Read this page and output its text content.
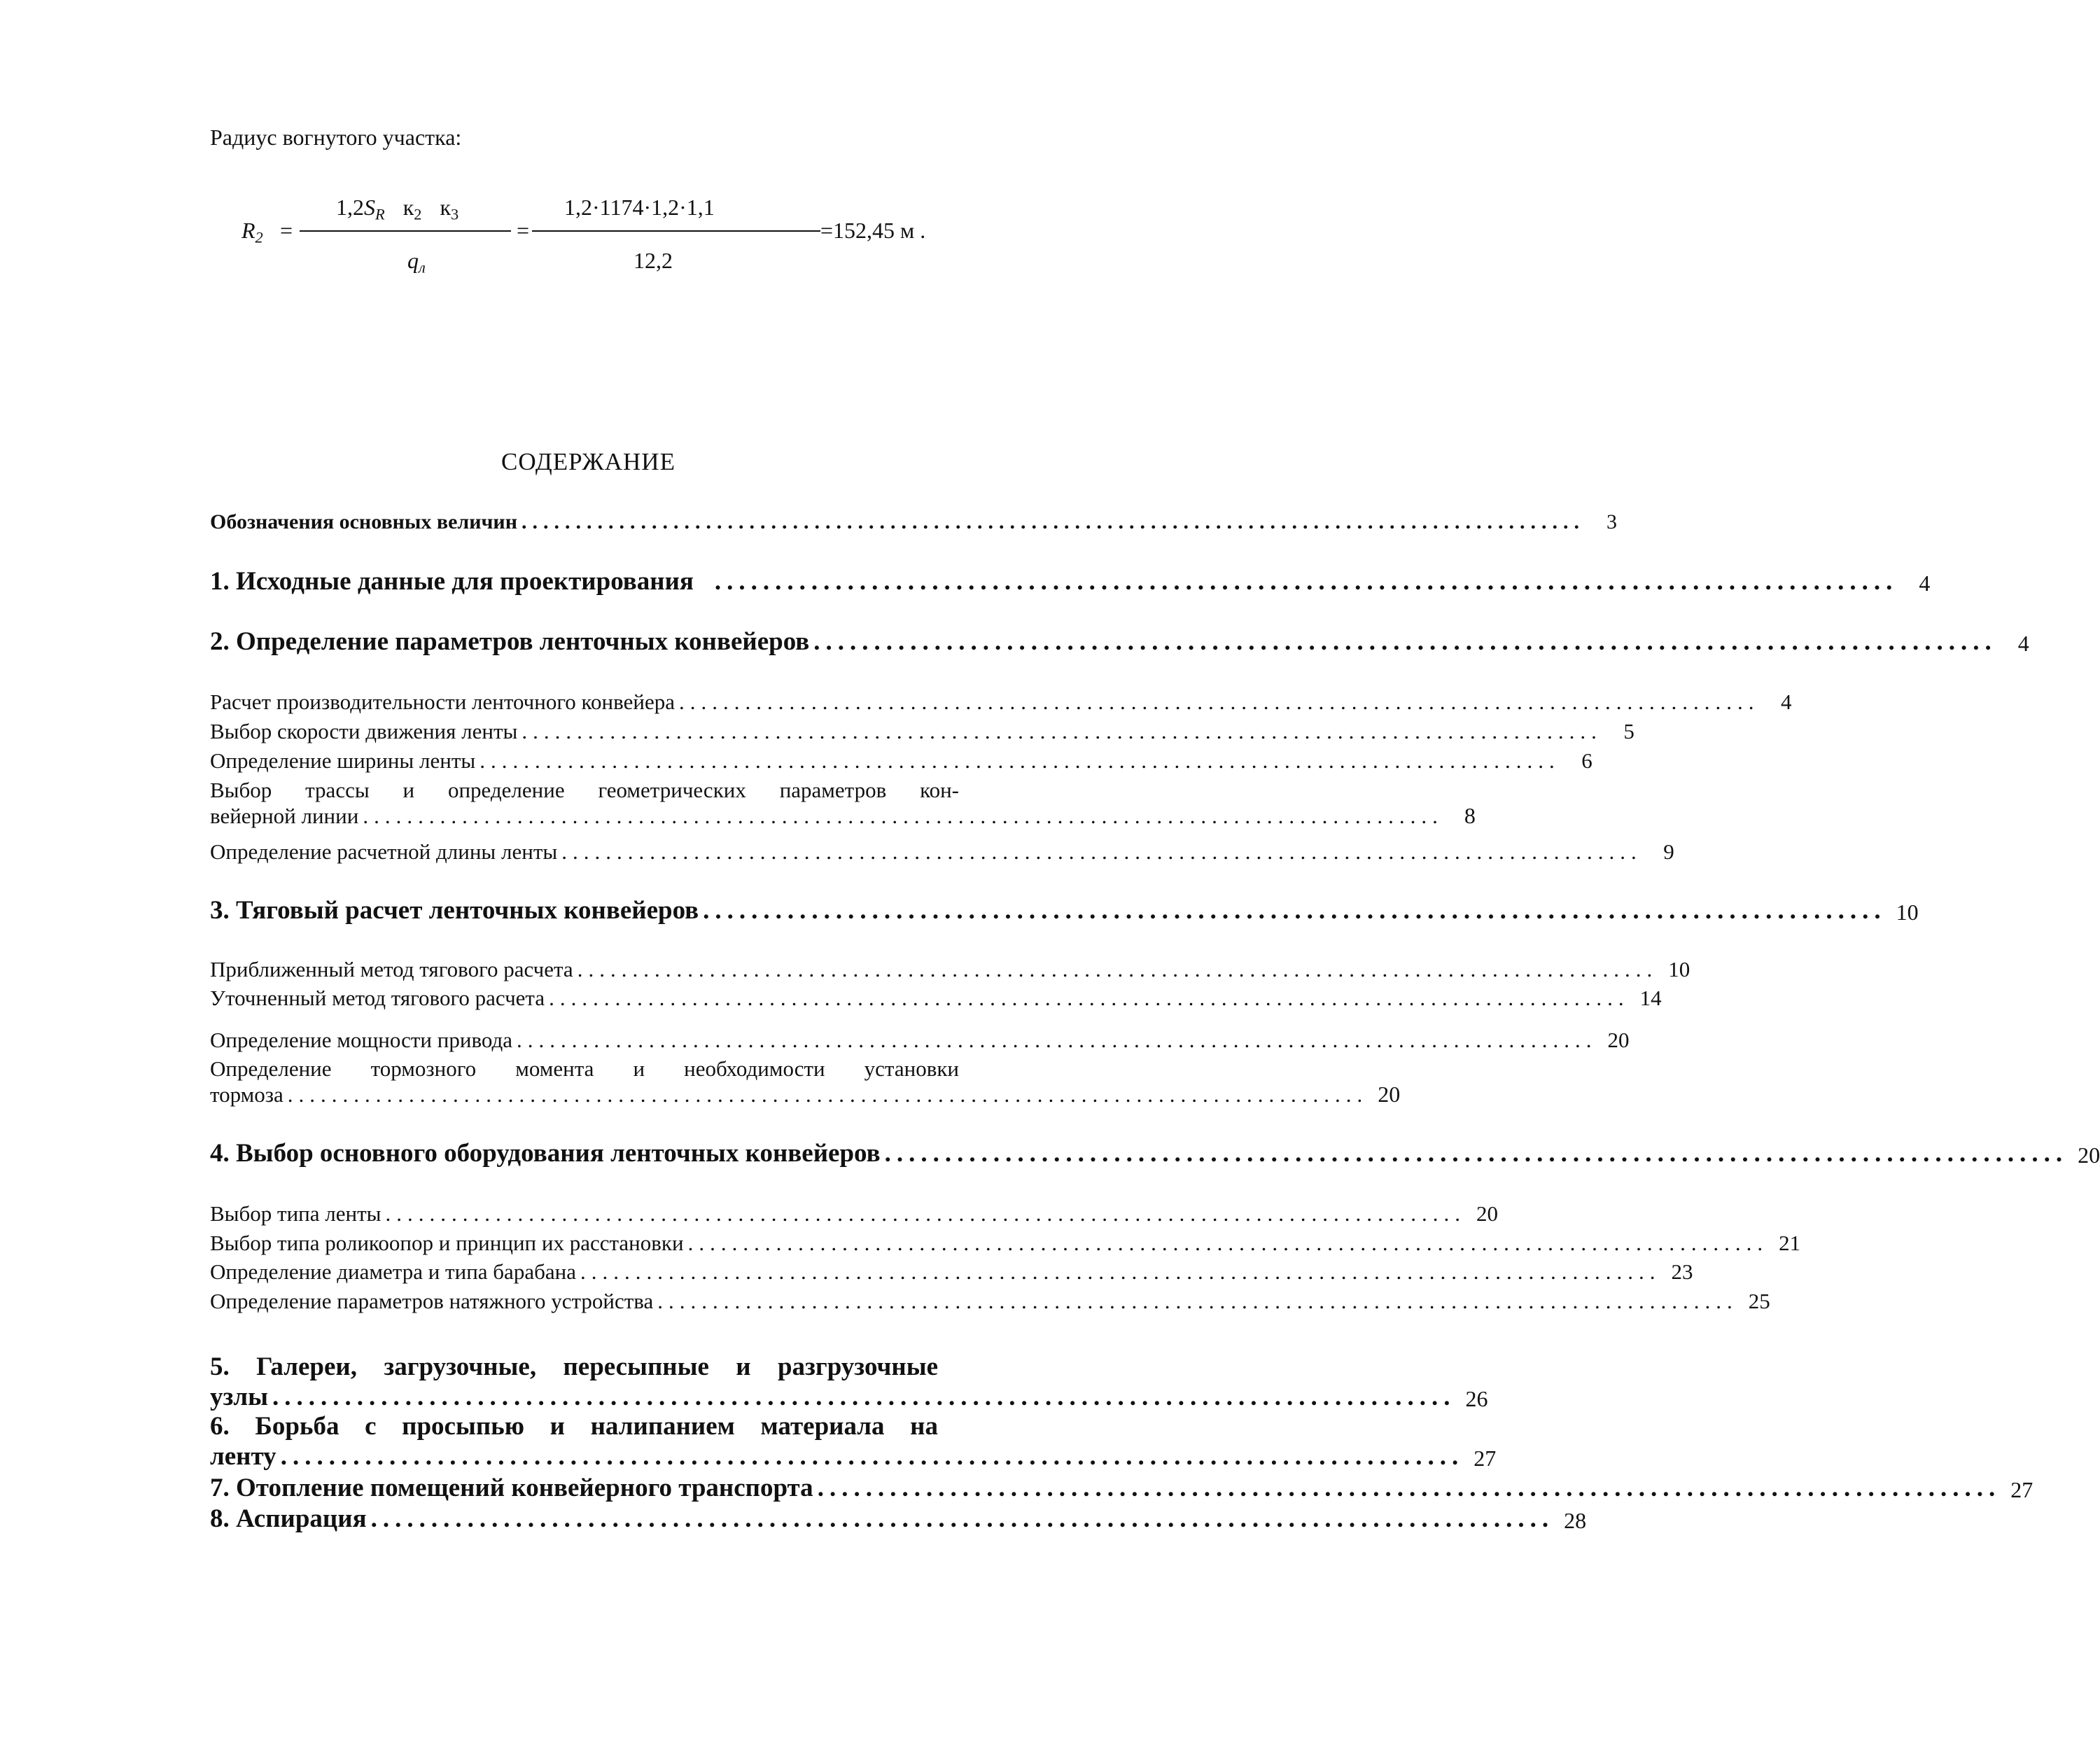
Радиус вогнутого участка:
$R_2$ =
$1,2S_R$ $к_2$ $к_3$
$q_л$
=
1,2·1174·1,2·1,1
12,2
=152,45 м .
СОДЕРЖАНИЕ
Обозначения основных величин ..................................................................................................	3
1. Исходные данные для проектирования .................................................................................................. 4
2. Определение параметров ленточных конвейеров .................................................................................................. 4
Расчет производительности ленточного конвейера .................................................................................................. 4
Выбор скорости движения ленты .................................................................................................. 5
Определение ширины ленты .................................................................................................. 6
Выбор трассы и определение геометрических параметров кон-
вейерной линии .................................................................................................. 8
Определение расчетной длины ленты .................................................................................................. 9
3. Тяговый расчет ленточных конвейеров .................................................................................................. 10
Приближенный метод тягового расчета .................................................................................................. 10
Уточненный метод тягового расчета .................................................................................................. 14
Определение мощности привода .................................................................................................. 20
Определение тормозного момента и необходимости установки
тормоза .................................................................................................. 20
4. Выбор основного оборудования ленточных конвейеров .................................................................................................. 20
Выбор типа ленты .................................................................................................. 20
Выбор типа роликоопор и принцип их расстановки .................................................................................................. 21
Определение диаметра и типа барабана .................................................................................................. 23
Определение параметров натяжного устройства .................................................................................................. 25
5. Галереи, загрузочные, пересыпные и разгрузочные
узлы .................................................................................................. 26
6. Борьба с просыпью и налипанием материала на
ленту .................................................................................................. 27
7. Отопление помещений конвейерного транспорта .................................................................................................. 27
8. Аспирация .................................................................................................. 28
